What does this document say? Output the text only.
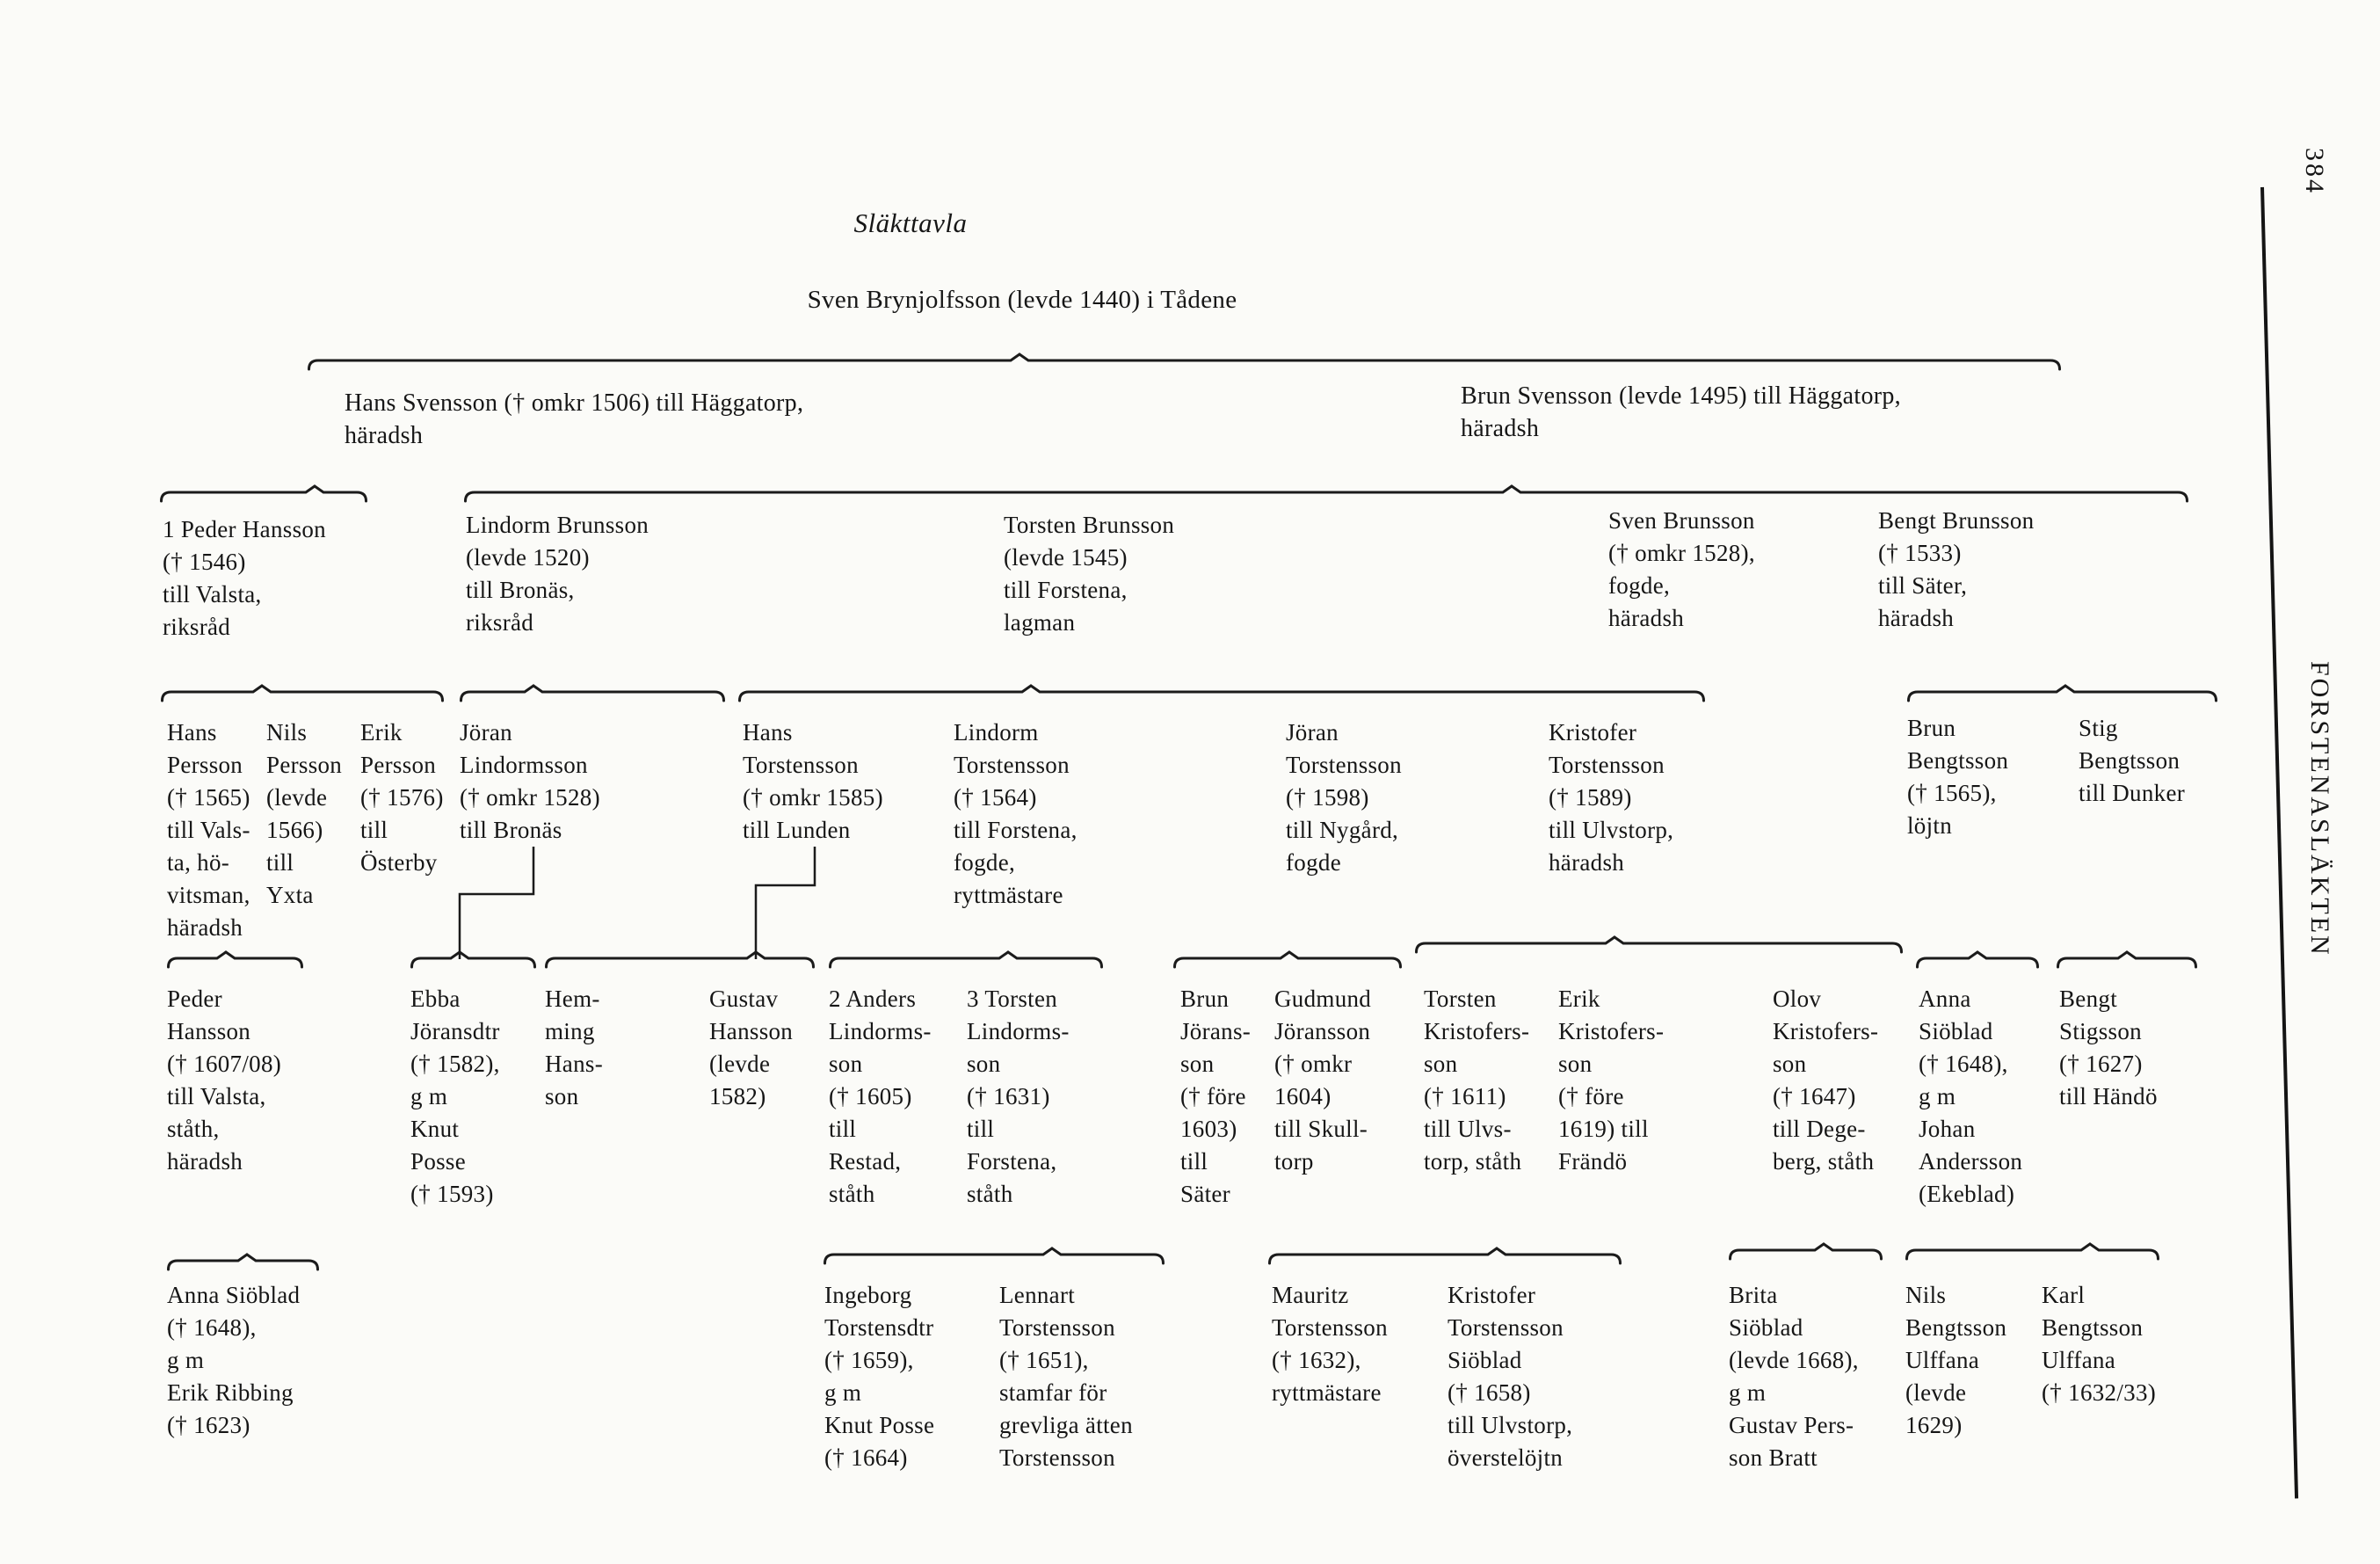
384
FORSTENASLÄKTEN
Släkttavla
Sven Brynjolfsson (levde 1440) i Tådene
Hans Svensson († omkr 1506) till Häggatorp,
häradsh
Brun Svensson (levde 1495) till Häggatorp,
häradsh
1 Peder Hansson
(† 1546)
till Valsta,
riksråd
Lindorm Brunsson
(levde 1520)
till Bronäs,
riksråd
Torsten Brunsson
(levde 1545)
till Forstena,
lagman
Sven Brunsson
(† omkr 1528),
fogde,
häradsh
Bengt Brunsson
(† 1533)
till Säter,
häradsh
Hans
Persson
(† 1565)
till Vals-
ta, hö-
vitsman,
häradsh
Nils
Persson
(levde
1566)
till
Yxta
Erik
Persson
(† 1576)
till
Österby
Jöran
Lindormsson
(† omkr 1528)
till Bronäs
Hans
Torstensson
(† omkr 1585)
till Lunden
Lindorm
Torstensson
(† 1564)
till Forstena,
fogde,
ryttmästare
Jöran
Torstensson
(† 1598)
till Nygård,
fogde
Kristofer
Torstensson
(† 1589)
till Ulvstorp,
häradsh
Brun
Bengtsson
(† 1565),
löjtn
Stig
Bengtsson
till Dunker
Peder
Hansson
(† 1607/08)
till Valsta,
ståth,
häradsh
Ebba
Jöransdtr
(† 1582),
g m
Knut
Posse
(† 1593)
Hem-
ming
Hans-
son
Gustav
Hansson
(levde
1582)
2 Anders
Lindorms-
son
(† 1605)
till
Restad,
ståth
3 Torsten
Lindorms-
son
(† 1631)
till
Forstena,
ståth
Brun
Jörans-
son
(† före
1603)
till
Säter
Gudmund
Jöransson
(† omkr
1604)
till Skull-
torp
Torsten
Kristofers-
son
(† 1611)
till Ulvs-
torp, ståth
Erik
Kristofers-
son
(† före
1619) till
Frändö
Olov
Kristofers-
son
(† 1647)
till Dege-
berg, ståth
Anna
Siöblad
(† 1648),
g m
Johan
Andersson
(Ekeblad)
Bengt
Stigsson
(† 1627)
till Händö
Anna Siöblad
(† 1648),
g m
Erik Ribbing
(† 1623)
Ingeborg
Torstensdtr
(† 1659),
g m
Knut Posse
(† 1664)
Lennart
Torstensson
(† 1651),
stamfar för
grevliga ätten
Torstensson
Mauritz
Torstensson
(† 1632),
ryttmästare
Kristofer
Torstensson
Siöblad
(† 1658)
till Ulvstorp,
överstelöjtn
Brita
Siöblad
(levde 1668),
g m
Gustav Pers-
son Bratt
Nils
Bengtsson
Ulffana
(levde
1629)
Karl
Bengtsson
Ulffana
(† 1632/33)
